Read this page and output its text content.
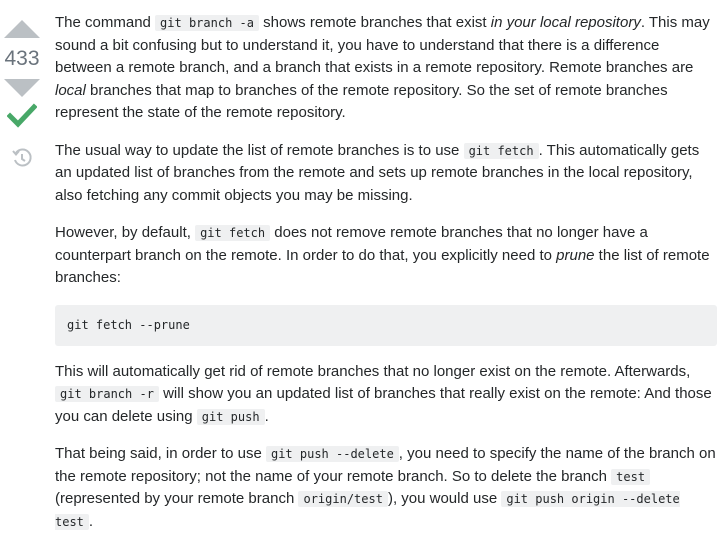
433

The command git branch -a shows remote branches that exist in your local repository. This may sound a bit confusing but to understand it, you have to understand that there is a difference between a remote branch, and a branch that exists in a remote repository. Remote branches are local branches that map to branches of the remote repository. So the set of remote branches represent the state of the remote repository.

The usual way to update the list of remote branches is to use git fetch . This automatically gets an updated list of branches from the remote and sets up remote branches in the local repository, also fetching any commit objects you may be missing.

However, by default, git fetch does not remove remote branches that no longer have a counterpart branch on the remote. In order to do that, you explicitly need to prune the list of remote branches:

git fetch --prune

This will automatically get rid of remote branches that no longer exist on the remote. Afterwards, git branch -r will show you an updated list of branches that really exist on the remote: And those you can delete using git push .

That being said, in order to use git push --delete , you need to specify the name of the branch on the remote repository; not the name of your remote branch. So to delete the branch test (represented by your remote branch origin/test ), you would use git push origin --delete test .
